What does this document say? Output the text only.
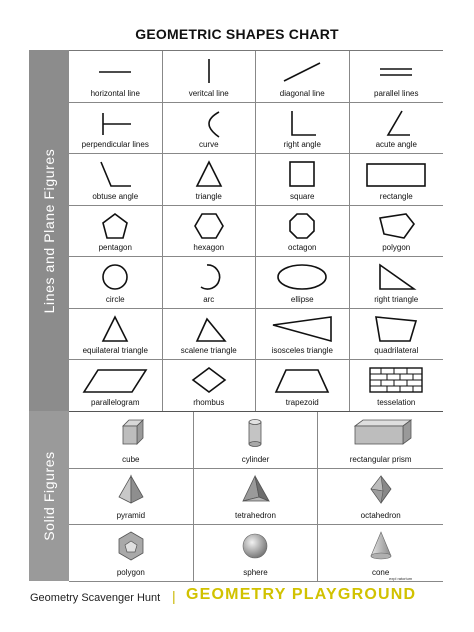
GEOMETRIC SHAPES CHART
Lines and Plane Figures
Solid Figures
horizontal line	veritcal line	diagonal line	parallel lines
perpendicular lines	curve	right angle	acute angle
obtuse angle	triangle	square	rectangle
pentagon	hexagon	octagon	polygon
circle	arc	ellipse	right triangle
equilateral triangle	scalene triangle	isosceles triangle	quadrilateral
parallelogram	rhombus	trapezoid	tesselation
cube	cylinder	rectangular prism
pyramid	tetrahedron	octahedron
polygon	sphere	cone
expl ratorium
Geometry Scavenger Hunt | GEOMETRY PLAYGROUND
